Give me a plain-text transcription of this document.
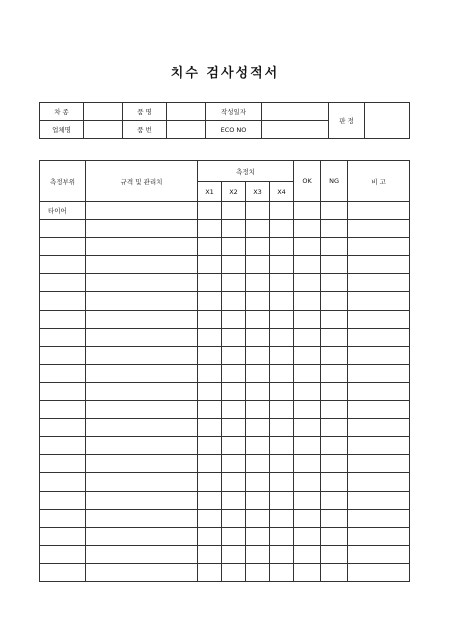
치수 검사성적서
차 종		품 명		작성일자		판 정	
업체명		품 번		ECO NO			
측정부위	규격 및 관리치	측정치				OK	NG	비 고
		X1	X2	X3	X4			
타이어								
